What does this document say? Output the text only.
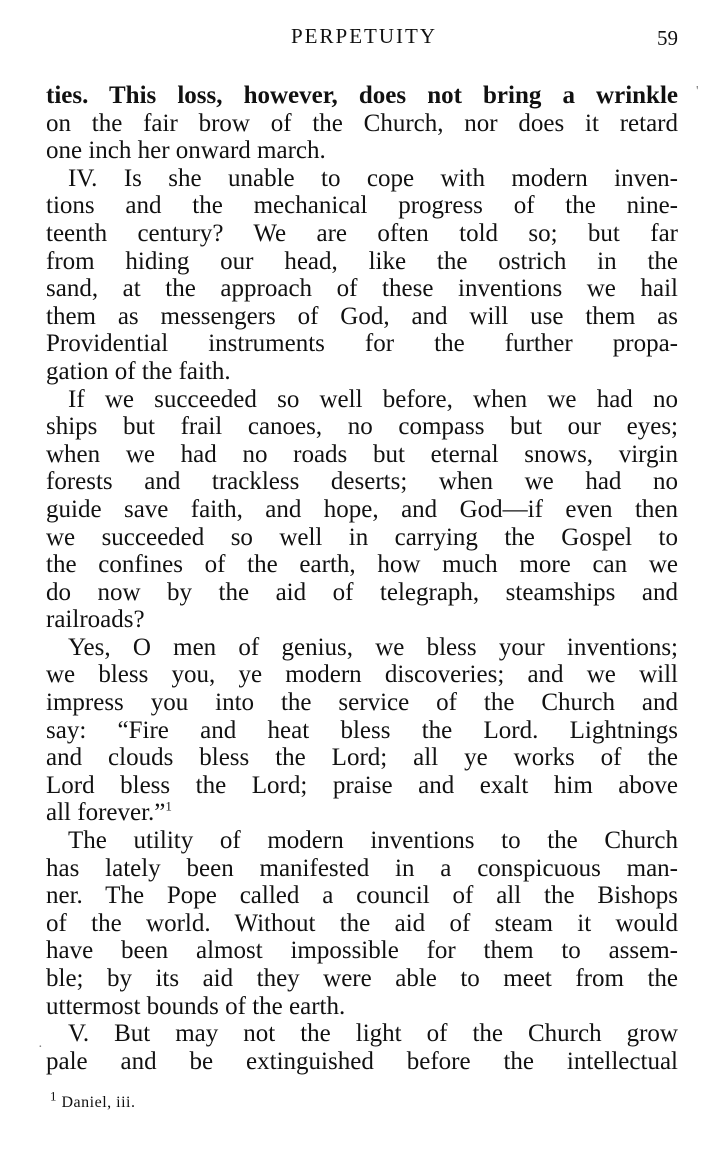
PERPETUITY	59
ties. This loss, however, does not bring a wrinkle
on the fair brow of the Church, nor does it retard
one inch her onward march.
IV. Is she unable to cope with modern inven-
tions and the mechanical progress of the nine-
teenth century? We are often told so; but far
from hiding our head, like the ostrich in the
sand, at the approach of these inventions we hail
them as messengers of God, and will use them as
Providential instruments for the further propa-
gation of the faith.
If we succeeded so well before, when we had no
ships but frail canoes, no compass but our eyes;
when we had no roads but eternal snows, virgin
forests and trackless deserts; when we had no
guide save faith, and hope, and God—if even then
we succeeded so well in carrying the Gospel to
the confines of the earth, how much more can we
do now by the aid of telegraph, steamships and
railroads?
Yes, O men of genius, we bless your inventions;
we bless you, ye modern discoveries; and we will
impress you into the service of the Church and
say: “Fire and heat bless the Lord. Lightnings
and clouds bless the Lord; all ye works of the
Lord bless the Lord; praise and exalt him above
all forever.”$^1$
The utility of modern inventions to the Church
has lately been manifested in a conspicuous man-
ner. The Pope called a council of all the Bishops
of the world. Without the aid of steam it would
have been almost impossible for them to assem-
ble; by its aid they were able to meet from the
uttermost bounds of the earth.
V. But may not the light of the Church grow
pale and be extinguished before the intellectual
$^1$ Daniel, iii.
'
·
